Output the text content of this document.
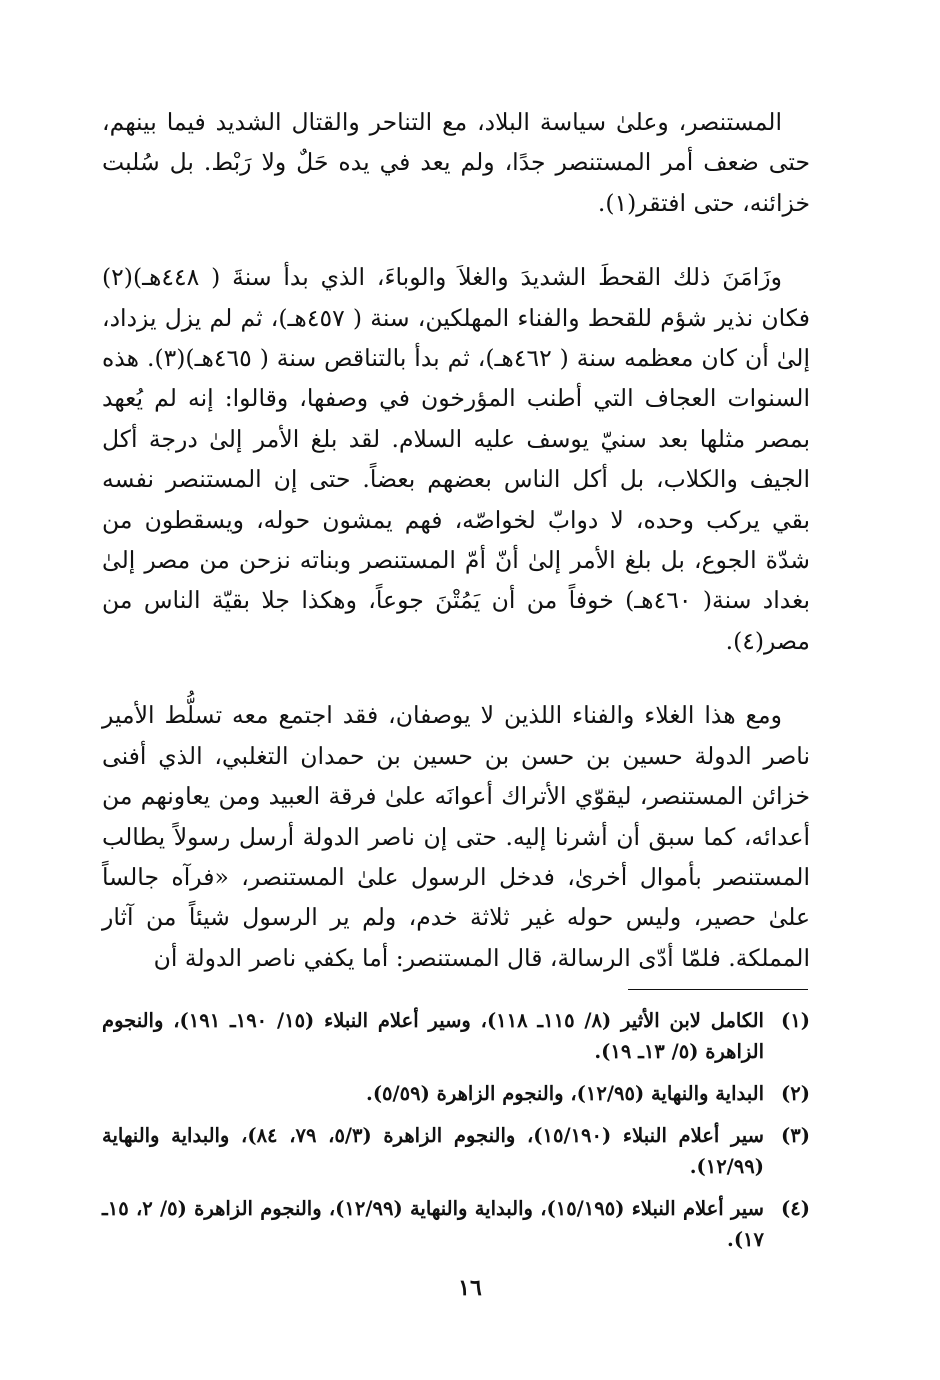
المستنصر، وعلىٰ سياسة البلاد، مع التناحر والقتال الشديد فيما بينهم، حتى ضعف أمر المستنصر جدًا، ولم يعد في يده حَلٌ ولا رَبْط. بل سُلبت خزائنه، حتى افتقر(١).

وزَامَنَ ذلك القحطَ الشديدَ والغلاَ والوباءَ، الذي بدأ سنةَ ( ٤٤٨هـ)(٢) فكان نذير شؤم للقحط والفناء المهلكين، سنة ( ٤٥٧هـ)، ثم لم يزل يزداد، إلىٰ أن كان معظمه سنة ( ٤٦٢هـ)، ثم بدأ بالتناقص سنة ( ٤٦٥هـ)(٣). هذه السنوات العجاف التي أطنب المؤرخون في وصفها، وقالوا: إنه لم يُعهد بمصر مثلها بعد سنيّ يوسف عليه السلام. لقد بلغ الأمر إلىٰ درجة أكل الجيف والكلاب، بل أكل الناس بعضهم بعضاً. حتى إن المستنصر نفسه بقي يركب وحده، لا دوابّ لخواصّه، فهم يمشون حوله، ويسقطون من شدّة الجوع، بل بلغ الأمر إلىٰ أنّ أمّ المستنصر وبناته نزحن من مصر إلىٰ بغداد سنة( ٤٦٠هـ) خوفاً من أن يَمُتْنَ جوعاً، وهكذا جلا بقيّة الناس من مصر(٤).

ومع هذا الغلاء والفناء اللذين لا يوصفان، فقد اجتمع معه تسلُّط الأمير ناصر الدولة حسين بن حسن بن حسين بن حمدان التغلبي، الذي أفنى خزائن المستنصر، ليقوّي الأتراك أعوانَه علىٰ فرقة العبيد ومن يعاونهم من أعدائه، كما سبق أن أشرنا إليه. حتى إن ناصر الدولة أرسل رسولاً يطالب المستنصر بأموال أخرىٰ، فدخل الرسول علىٰ المستنصر، «فرآه جالساً علىٰ حصير، وليس حوله غير ثلاثة خدم، ولم ير الرسول شيئاً من آثار المملكة. فلمّا أدّى الرسالة، قال المستنصر: أما يكفي ناصر الدولة أن

(١)
الكامل لابن الأثير (٨/ ١١٥ـ ١١٨)، وسير أعلام النبلاء (١٥/ ١٩٠ـ ١٩١)، والنجوم الزاهرة (٥/ ١٣ـ ١٩).
(٢)
البداية والنهاية (١٢/٩٥)، والنجوم الزاهرة (٥/٥٩).
(٣)
سير أعلام النبلاء (١٥/١٩٠)، والنجوم الزاهرة (٥/٣، ٧٩، ٨٤)، والبداية والنهاية (١٢/٩٩).
(٤)
سير أعلام النبلاء (١٥/١٩٥)، والبداية والنهاية (١٢/٩٩)، والنجوم الزاهرة (٥/ ٢، ١٥ـ ١٧).
١٦
